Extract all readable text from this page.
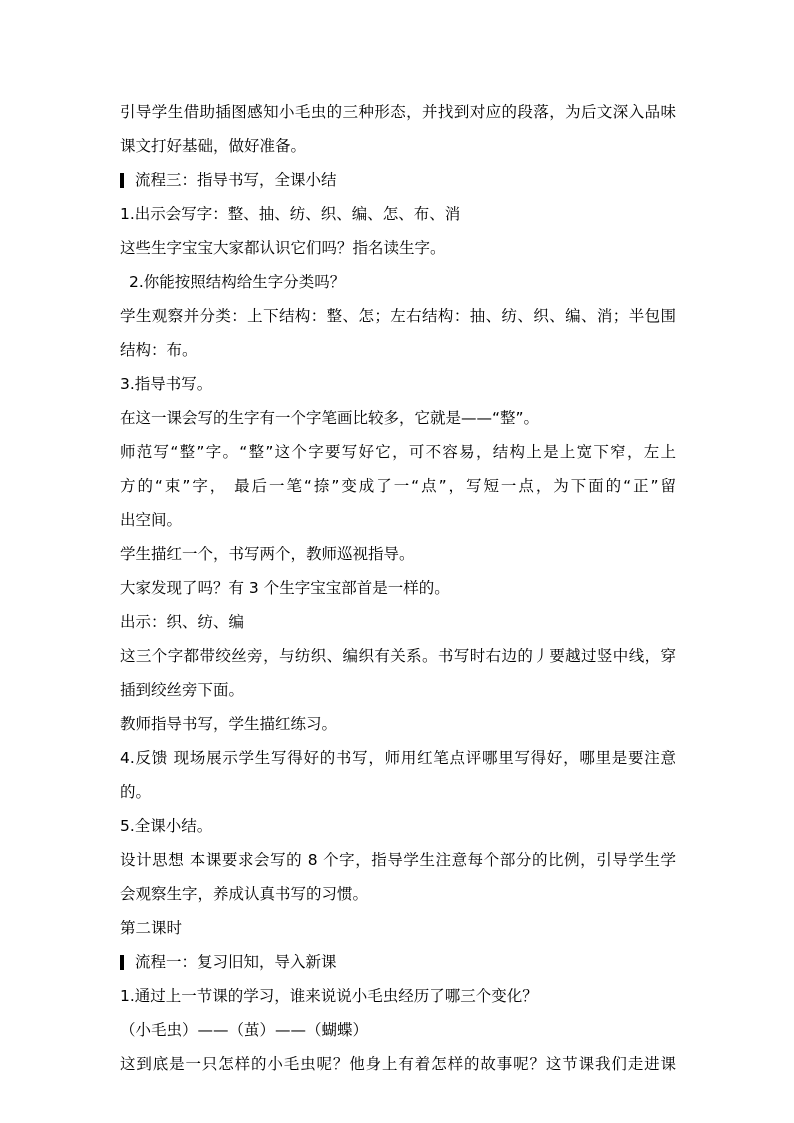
引导学生借助插图感知小毛虫的三种形态，并找到对应的段落，为后文深入品味
课文打好基础，做好准备。
流程三：指导书写，全课小结
1.出示会写字：整、抽、纺、织、编、怎、布、消
这些生字宝宝大家都认识它们吗？指名读生字。
2.你能按照结构给生字分类吗？
学生观察并分类：上下结构：整、怎；左右结构：抽、纺、织、编、消；半包围
结构：布。
3.指导书写。
在这一课会写的生字有一个字笔画比较多，它就是——“整”。
师范写“整”字。“整”这个字要写好它，可不容易，结构上是上宽下窄，左上
方的“束”字， 最后一笔“捺”变成了一“点”，写短一点，为下面的“正”留
出空间。
学生描红一个，书写两个，教师巡视指导。
大家发现了吗？有 3 个生字宝宝部首是一样的。
出示：织、纺、编
这三个字都带绞丝旁，与纺织、编织有关系。书写时右边的丿要越过竖中线，穿
插到绞丝旁下面。
教师指导书写，学生描红练习。
4.反馈 现场展示学生写得好的书写，师用红笔点评哪里写得好，哪里是要注意
的。
5.全课小结。
设计思想 本课要求会写的 8 个字，指导学生注意每个部分的比例，引导学生学
会观察生字，养成认真书写的习惯。
第二课时
流程一：复习旧知，导入新课
1.通过上一节课的学习，谁来说说小毛虫经历了哪三个变化？
（小毛虫）——（茧）——（蝴蝶）
这到底是一只怎样的小毛虫呢？他身上有着怎样的故事呢？这节课我们走进课
